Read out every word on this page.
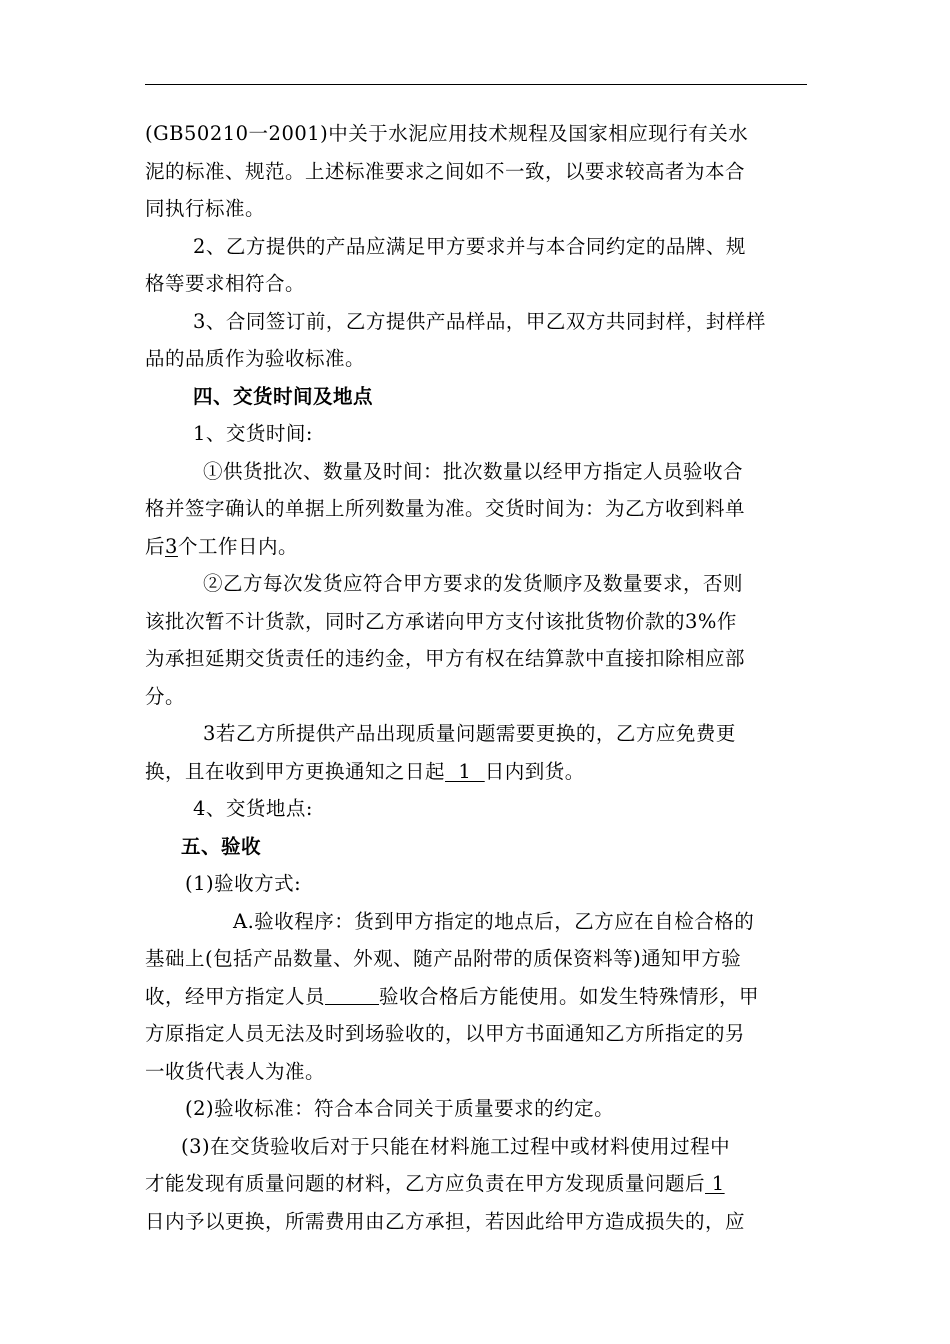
(GB50210一2001)中关于水泥应用技术规程及国家相应现行有关水
泥的标准、规范。上述标准要求之间如不一致，以要求较高者为本合
同执行标准。
2、乙方提供的产品应满足甲方要求并与本合同约定的品牌、规
格等要求相符合。
3、合同签订前，乙方提供产品样品，甲乙双方共同封样，封样样
品的品质作为验收标准。
四、交货时间及地点
1、交货时间:
①供货批次、数量及时间：批次数量以经甲方指定人员验收合
格并签字确认的单据上所列数量为准。交货时间为：为乙方收到料单
后3个工作日内。
②乙方每次发货应符合甲方要求的发货顺序及数量要求，否则
该批次暂不计货款，同时乙方承诺向甲方支付该批货物价款的3%作
为承担延期交货责任的违约金，甲方有权在结算款中直接扣除相应部
分。
3若乙方所提供产品出现质量问题需要更换的，乙方应免费更
换，且在收到甲方更换通知之日起  1  日内到货。
4、交货地点:
五、验收
(1)验收方式:
A.验收程序：货到甲方指定的地点后，乙方应在自检合格的
基础上(包括产品数量、外观、随产品附带的质保资料等)通知甲方验
收，经甲方指定人员	验收合格后方能使用。如发生特殊情形，甲
方原指定人员无法及时到场验收的，以甲方书面通知乙方所指定的另
一收货代表人为准。
(2)验收标准：符合本合同关于质量要求的约定。
(3)在交货验收后对于只能在材料施工过程中或材料使用过程中
才能发现有质量问题的材料，乙方应负责在甲方发现质量问题后 1
日内予以更换，所需费用由乙方承担，若因此给甲方造成损失的，应
